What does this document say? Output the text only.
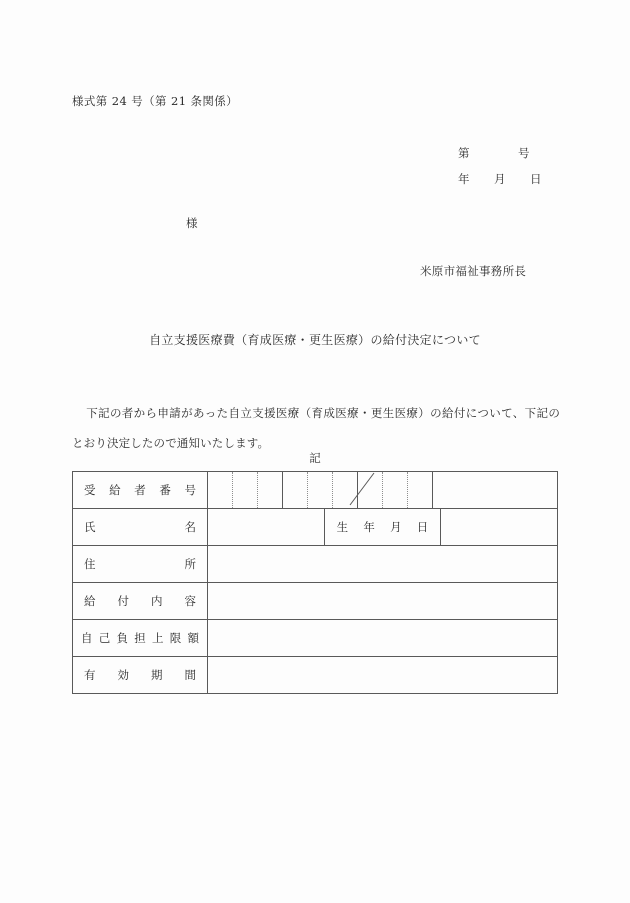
様式第 24 号（第 21 条関係）
第　　　　号
年　　月　　日
様
米原市福祉事務所長
自立支援医療費（育成医療・更生医療）の給付決定について
下記の者から申請があった自立支援医療（育成医療・更生医療）の給付について、下記のとおり決定したので通知いたします。
記
受給者番号	

氏名		生年月日	
住所			
給付内容			
自己負担上限額			
有効期間			
